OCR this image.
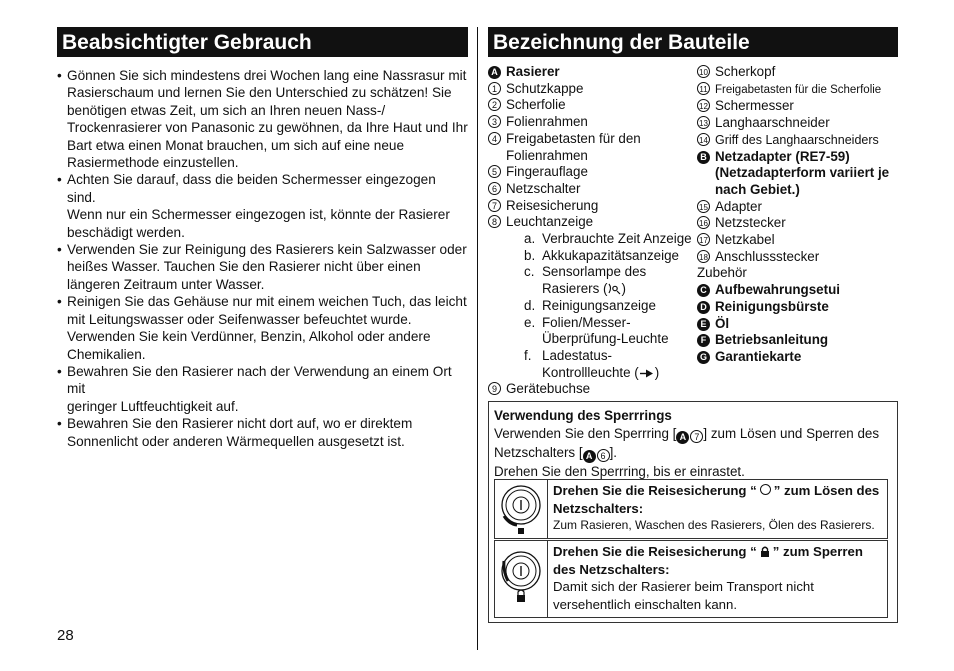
Beabsichtigter Gebrauch
• Gönnen Sie sich mindestens drei Wochen lang eine Nassrasur mit
Rasierschaum und lernen Sie den Unterschied zu schätzen! Sie
benötigen etwas Zeit, um sich an Ihren neuen Nass-/
Trockenrasierer von Panasonic zu gewöhnen, da Ihre Haut und Ihr
Bart etwa einen Monat brauchen, um sich auf eine neue
Rasiermethode einzustellen.
• Achten Sie darauf, dass die beiden Schermesser eingezogen sind.
Wenn nur ein Schermesser eingezogen ist, könnte der Rasierer
beschädigt werden.
• Verwenden Sie zur Reinigung des Rasierers kein Salzwasser oder
heißes Wasser. Tauchen Sie den Rasierer nicht über einen
längeren Zeitraum unter Wasser.
• Reinigen Sie das Gehäuse nur mit einem weichen Tuch, das leicht
mit Leitungswasser oder Seifenwasser befeuchtet wurde.
Verwenden Sie kein Verdünner, Benzin, Alkohol oder andere
Chemikalien.
• Bewahren Sie den Rasierer nach der Verwendung an einem Ort mit
geringer Luftfeuchtigkeit auf.
• Bewahren Sie den Rasierer nicht dort auf, wo er direktem
Sonnenlicht oder anderen Wärmequellen ausgesetzt ist.
Bezeichnung der Bauteile
A Rasierer
1 Schutzkappe
2 Scherfolie
3 Folienrahmen
4 Freigabetasten für den
Folienrahmen
5 Fingerauflage
6 Netzschalter
7 Reisesicherung
8 Leuchtanzeige
a. Verbrauchte Zeit Anzeige
b. Akkukapazitätsanzeige
c. Sensorlampe des
Rasierers ( )
d. Reinigungsanzeige
e. Folien/Messer-
Überprüfung-Leuchte
f. Ladestatus-
Kontrollleuchte ( )
9 Gerätebuchse
10 Scherkopf
11 Freigabetasten für die Scherfolie
12 Schermesser
13 Langhaarschneider
14 Griff des Langhaarschneiders
B Netzadapter (RE7-59)
(Netzadapterform variiert je
nach Gebiet.)
15 Adapter
16 Netzstecker
17 Netzkabel
18 Anschlussstecker
Zubehör
C Aufbewahrungsetui
D Reinigungsbürste
E Öl
F Betriebsanleitung
G Garantiekarte
Verwendung des Sperrrings
Verwenden Sie den Sperrring [ A 7 ] zum Lösen und Sperren des
Netzschalters [ A 6 ].
Drehen Sie den Sperrring, bis er einrastet.
Drehen Sie die Reisesicherung “ ” zum Lösen des
Netzschalters:
Zum Rasieren, Waschen des Rasierers, Ölen des Rasierers.
Drehen Sie die Reisesicherung “ ” zum Sperren
des Netzschalters:
Damit sich der Rasierer beim Transport nicht
versehentlich einschalten kann.
28
